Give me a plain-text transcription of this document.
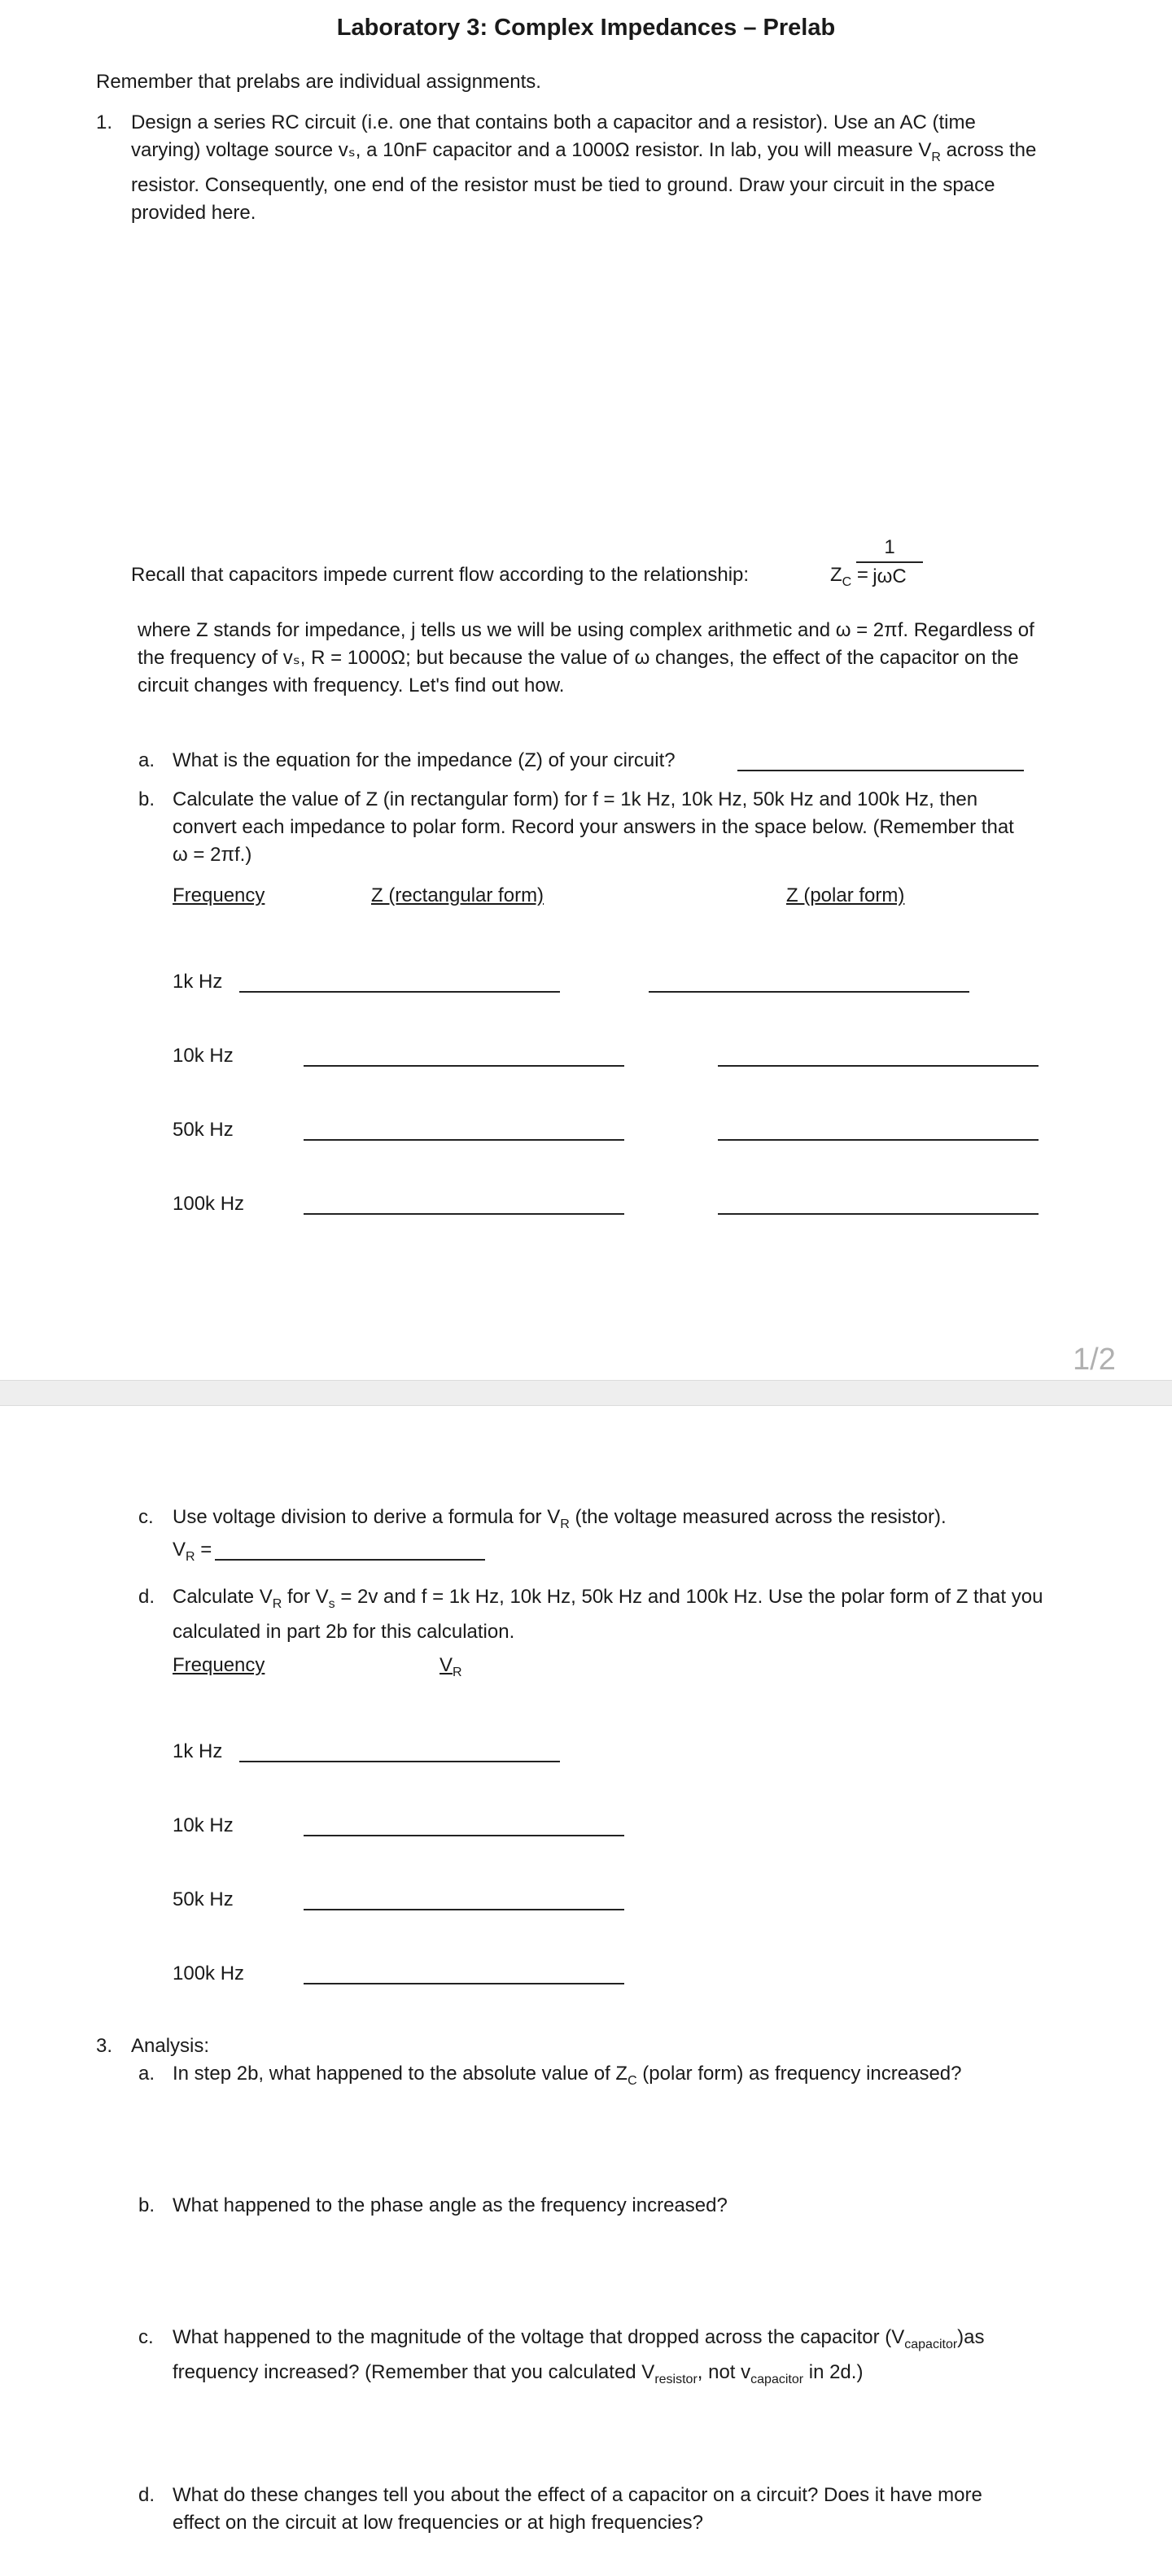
Laboratory 3: Complex Impedances – Prelab
Remember that prelabs are individual assignments.
1. Design a series RC circuit (i.e. one that contains both a capacitor and a resistor). Use an AC (time
varying) voltage source vₛ, a 10nF capacitor and a 1000Ω resistor. In lab, you will measure $V_R$ across the
resistor. Consequently, one end of the resistor must be tied to ground. Draw your circuit in the space
provided here.
Recall that capacitors impede current flow according to the relationship:	$Z_C$ =
1
jωC
where Z stands for impedance, j tells us we will be using complex arithmetic and ω = 2πf. Regardless of
the frequency of vₛ, R = 1000Ω; but because the value of ω changes, the effect of the capacitor on the
circuit changes with frequency. Let's find out how.
a. What is the equation for the impedance (Z) of your circuit?
b. Calculate the value of Z (in rectangular form) for f = 1k Hz, 10k Hz, 50k Hz and 100k Hz, then
convert each impedance to polar form. Record your answers in the space below. (Remember that
ω = 2πf.)
Frequency	Z (rectangular form)	Z (polar form)
1k Hz
10k Hz
50k Hz
100k Hz
1/2
c. Use voltage division to derive a formula for $V_R$ (the voltage measured across the resistor).
$V_R$ =
d. Calculate $V_R$ for $V_s = 2v$ and f = 1k Hz, 10k Hz, 50k Hz and 100k Hz. Use the polar form of Z that you
calculated in part 2b for this calculation.
Frequency	$V_R$
1k Hz
10k Hz
50k Hz
100k Hz
3. Analysis:
a. In step 2b, what happened to the absolute value of $Z_C$ (polar form) as frequency increased?
b. What happened to the phase angle as the frequency increased?
c. What happened to the magnitude of the voltage that dropped across the capacitor $(V_{capacitor})as$
frequency increased? (Remember that you calculated $V_{resistor}$, not $v_{capacitor}$ in 2d.)
d. What do these changes tell you about the effect of a capacitor on a circuit? Does it have more
effect on the circuit at low frequencies or at high frequencies?
